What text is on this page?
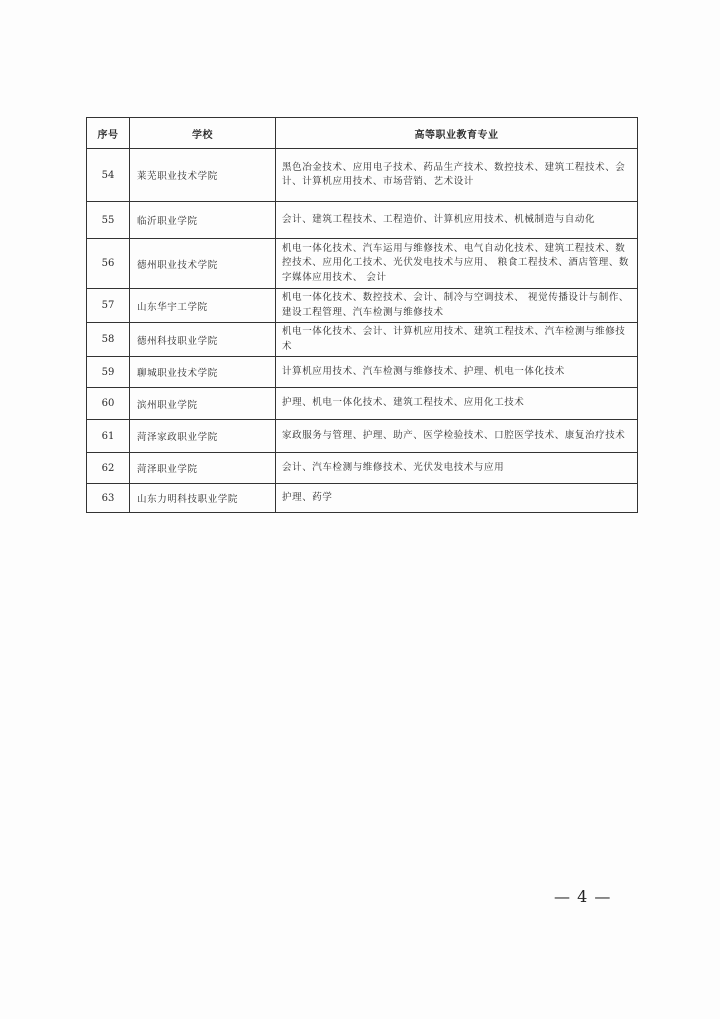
序号	学校	高等职业教育专业
54	莱芜职业技术学院	黑色冶金技术、应用电子技术、药品生产技术、数控技术、建筑工程技术、会计、计算机应用技术、市场营销、艺术设计
55	临沂职业学院	会计、建筑工程技术、工程造价、计算机应用技术、机械制造与自动化
56	德州职业技术学院	机电一体化技术、汽车运用与维修技术、电气自动化技术、建筑工程技术、数控技术、应用化工技术、光伏发电技术与应用、 粮食工程技术、酒店管理、数字媒体应用技术、 会计
57	山东华宇工学院	机电一体化技术、数控技术、会计、制冷与空调技术、 视觉传播设计与制作、建设工程管理、汽车检测与维修技术
58	德州科技职业学院	机电一体化技术、会计、计算机应用技术、建筑工程技术、汽车检测与维修技术
59	聊城职业技术学院	计算机应用技术、汽车检测与维修技术、护理、机电一体化技术
60	滨州职业学院	护理、机电一体化技术、建筑工程技术、应用化工技术
61	菏泽家政职业学院	家政服务与管理、护理、助产、医学检验技术、口腔医学技术、康复治疗技术
62	菏泽职业学院	会计、汽车检测与维修技术、光伏发电技术与应用
63	山东力明科技职业学院	护理、药学
— 4 —
